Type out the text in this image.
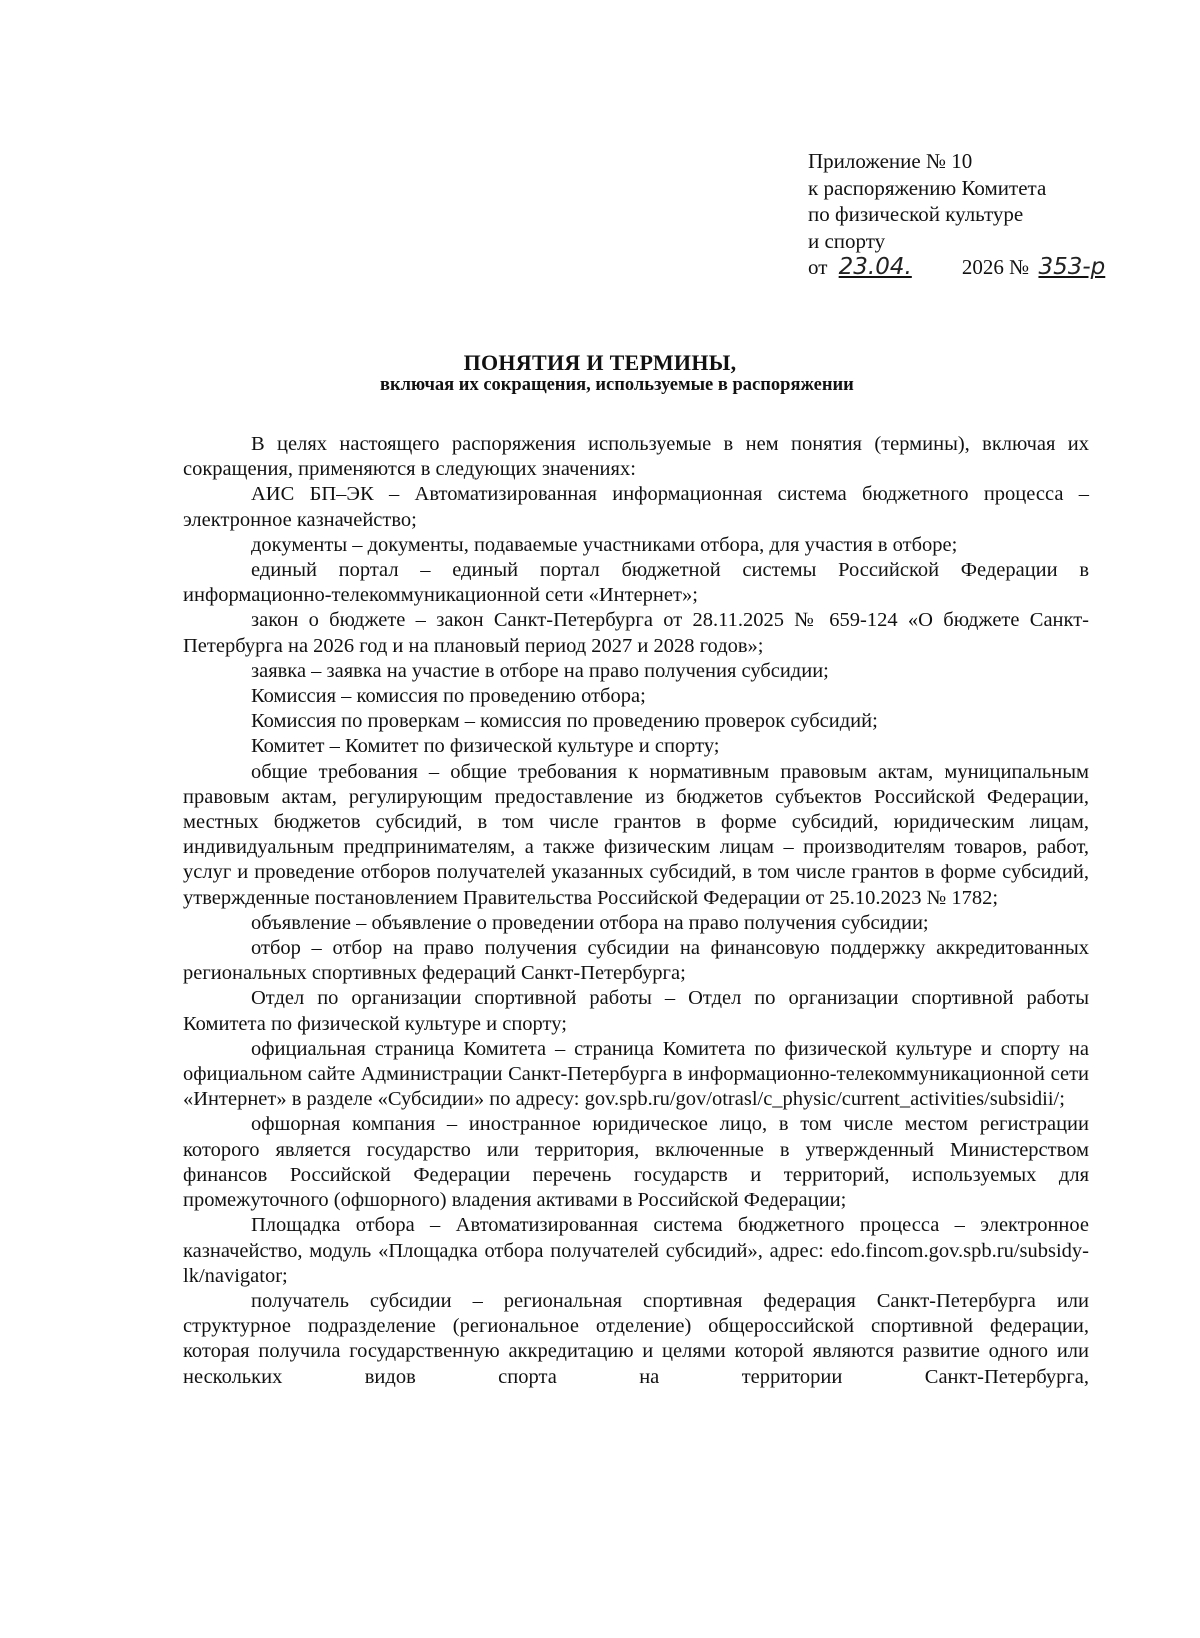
Приложение № 10
к распоряжению Комитета
по физической культуре
и спорту
от 23.04. 2026 № 353-р
ПОНЯТИЯ И ТЕРМИНЫ,
включая их сокращения, используемые в распоряжении

В целях настоящего распоряжения используемые в нем понятия (термины), включая их сокращения, применяются в следующих значениях:

АИС БП–ЭК – Автоматизированная информационная система бюджетного процесса – электронное казначейство;

документы – документы, подаваемые участниками отбора, для участия в отборе;

единый портал – единый портал бюджетной системы Российской Федерации в информационно-телекоммуникационной сети «Интернет»;

закон о бюджете – закон Санкт-Петербурга от 28.11.2025 № 659-124 «О бюджете Санкт-Петербурга на 2026 год и на плановый период 2027 и 2028 годов»;

заявка – заявка на участие в отборе на право получения субсидии;

Комиссия – комиссия по проведению отбора;

Комиссия по проверкам – комиссия по проведению проверок субсидий;

Комитет – Комитет по физической культуре и спорту;

общие требования – общие требования к нормативным правовым актам, муниципальным правовым актам, регулирующим предоставление из бюджетов субъектов Российской Федерации, местных бюджетов субсидий, в том числе грантов в форме субсидий, юридическим лицам, индивидуальным предпринимателям, а также физическим лицам – производителям товаров, работ, услуг и проведение отборов получателей указанных субсидий, в том числе грантов в форме субсидий, утвержденные постановлением Правительства Российской Федерации от 25.10.2023 № 1782;

объявление – объявление о проведении отбора на право получения субсидии;

отбор – отбор на право получения субсидии на финансовую поддержку аккредитованных региональных спортивных федераций Санкт-Петербурга;

Отдел по организации спортивной работы – Отдел по организации спортивной работы Комитета по физической культуре и спорту;

официальная страница Комитета – страница Комитета по физической культуре и спорту на официальном сайте Администрации Санкт-Петербурга в информационно-телекоммуникационной сети «Интернет» в разделе «Субсидии» по адресу: gov.spb.ru/gov/otrasl/c_physic/current_activities/subsidii/;

офшорная компания – иностранное юридическое лицо, в том числе местом регистрации которого является государство или территория, включенные в утвержденный Министерством финансов Российской Федерации перечень государств и территорий, используемых для промежуточного (офшорного) владения активами в Российской Федерации;

Площадка отбора – Автоматизированная система бюджетного процесса – электронное казначейство, модуль «Площадка отбора получателей субсидий», адрес: edo.fincom.gov.spb.ru/subsidy-lk/navigator;

получатель субсидии – региональная спортивная федерация Санкт-Петербурга или структурное подразделение (региональное отделение) общероссийской спортивной федерации, которая получила государственную аккредитацию и целями которой являются развитие одного или нескольких видов спорта на территории Санкт-Петербурга,
